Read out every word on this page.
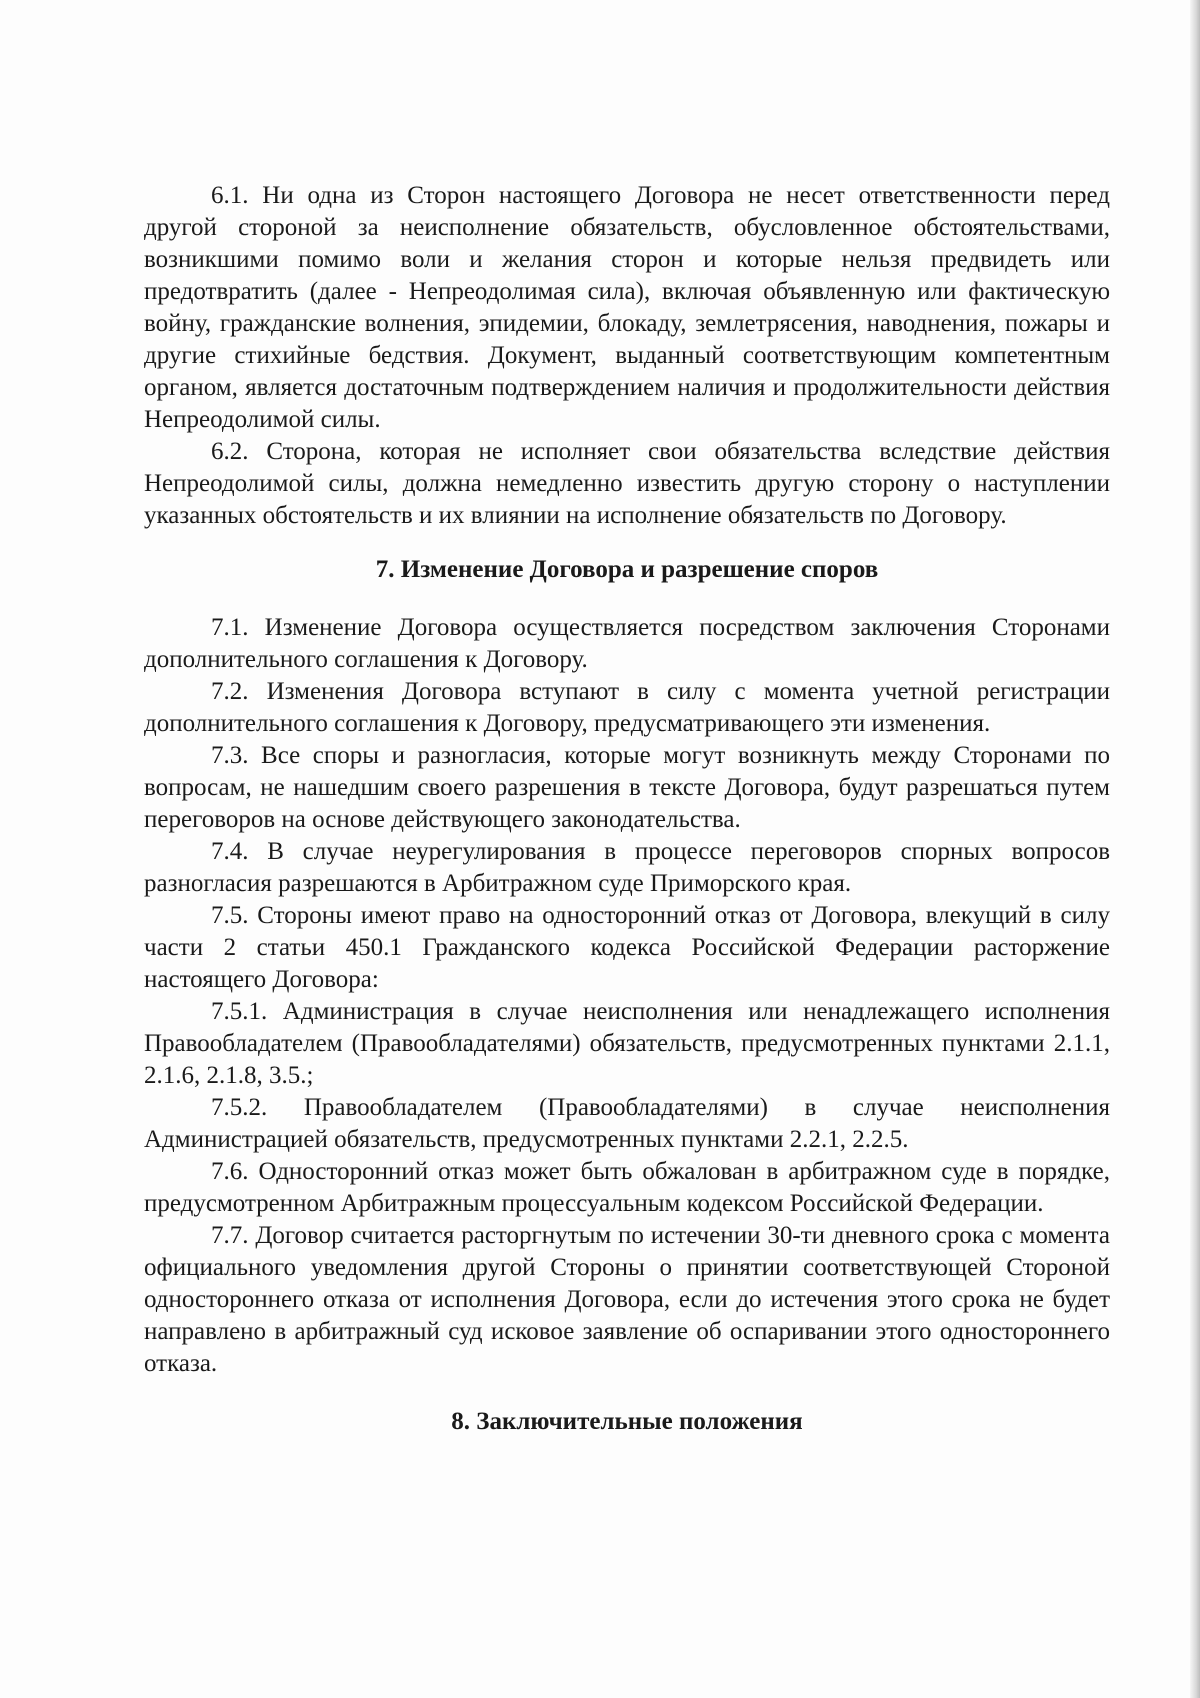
6.1. Ни одна из Сторон настоящего Договора не несет ответственности перед другой стороной за неисполнение обязательств, обусловленное обстоятельствами, возникшими помимо воли и желания сторон и которые нельзя предвидеть или предотвратить (далее - Непреодолимая сила), включая объявленную или фактическую войну, гражданские волнения, эпидемии, блокаду, землетрясения, наводнения, пожары и другие стихийные бедствия. Документ, выданный соответствующим компетентным органом, является достаточным подтверждением наличия и продолжительности действия Непреодолимой силы.

6.2. Сторона, которая не исполняет свои обязательства вследствие действия Непреодолимой силы, должна немедленно известить другую сторону о наступлении указанных обстоятельств и их влиянии на исполнение обязательств по Договору.

7. Изменение Договора и разрешение споров

7.1. Изменение Договора осуществляется посредством заключения Сторонами дополнительного соглашения к Договору.

7.2. Изменения Договора вступают в силу с момента учетной регистрации дополнительного соглашения к Договору, предусматривающего эти изменения.

7.3. Все споры и разногласия, которые могут возникнуть между Сторонами по вопросам, не нашедшим своего разрешения в тексте Договора, будут разрешаться путем переговоров на основе действующего законодательства.

7.4. В случае неурегулирования в процессе переговоров спорных вопросов разногласия разрешаются в Арбитражном суде Приморского края.

7.5. Стороны имеют право на односторонний отказ от Договора, влекущий в силу части 2 статьи 450.1 Гражданского кодекса Российской Федерации расторжение настоящего Договора:

7.5.1. Администрация в случае неисполнения или ненадлежащего исполнения Правообладателем (Правообладателями) обязательств, предусмотренных пунктами 2.1.1, 2.1.6, 2.1.8, 3.5.;

7.5.2. Правообладателем (Правообладателями) в случае неисполнения Администрацией обязательств, предусмотренных пунктами 2.2.1, 2.2.5.

7.6. Односторонний отказ может быть обжалован в арбитражном суде в порядке, предусмотренном Арбитражным процессуальным кодексом Российской Федерации.

7.7. Договор считается расторгнутым по истечении 30-ти дневного срока с момента официального уведомления другой Стороны о принятии соответствующей Стороной одностороннего отказа от исполнения Договора, если до истечения этого срока не будет направлено в арбитражный суд исковое заявление об оспаривании этого одностороннего отказа.

8. Заключительные положения
